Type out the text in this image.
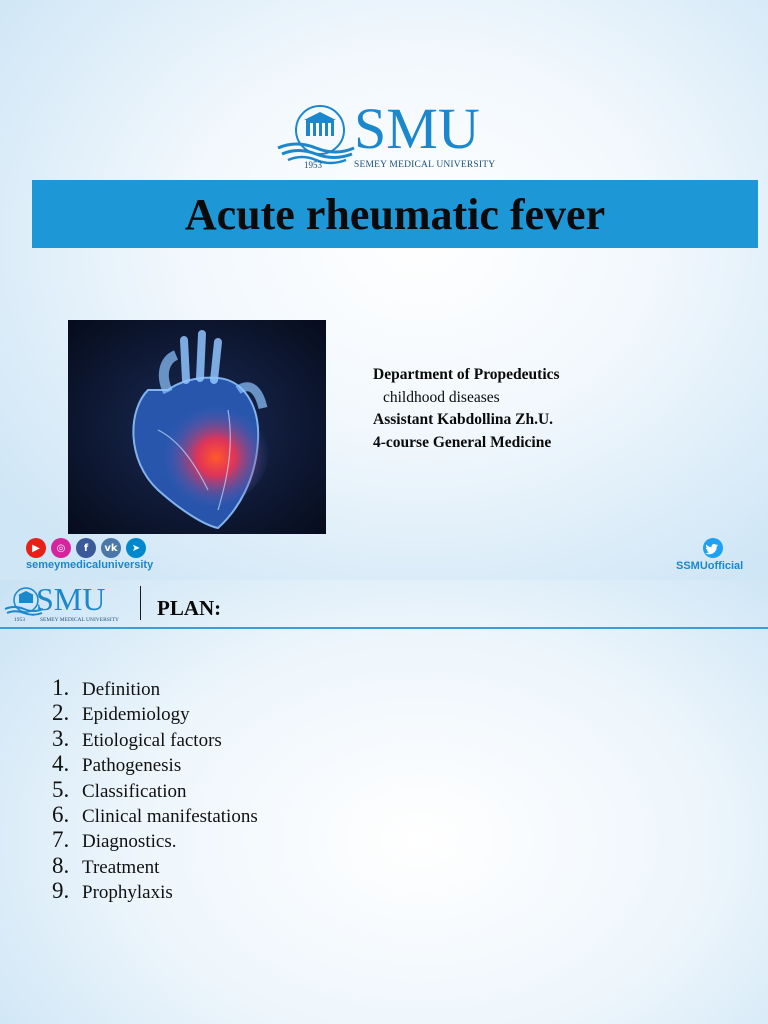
SMU
1953	SEMEY MEDICAL UNIVERSITY
Acute rheumatic fever
Department of Propedeutics
childhood diseases
Assistant Kabdollina Zh.U.
4-course General Medicine
▶	◎	f	vk	➤
semeymedicaluniversity	SSMUofficial
SMU
1953	SEMEY MEDICAL UNIVERSITY PLAN:
1. Definition
2. Epidemiology
3. Etiological factors
4. Pathogenesis
5. Classification
6. Clinical manifestations
7. Diagnostics.
8. Treatment
9. Prophylaxis
